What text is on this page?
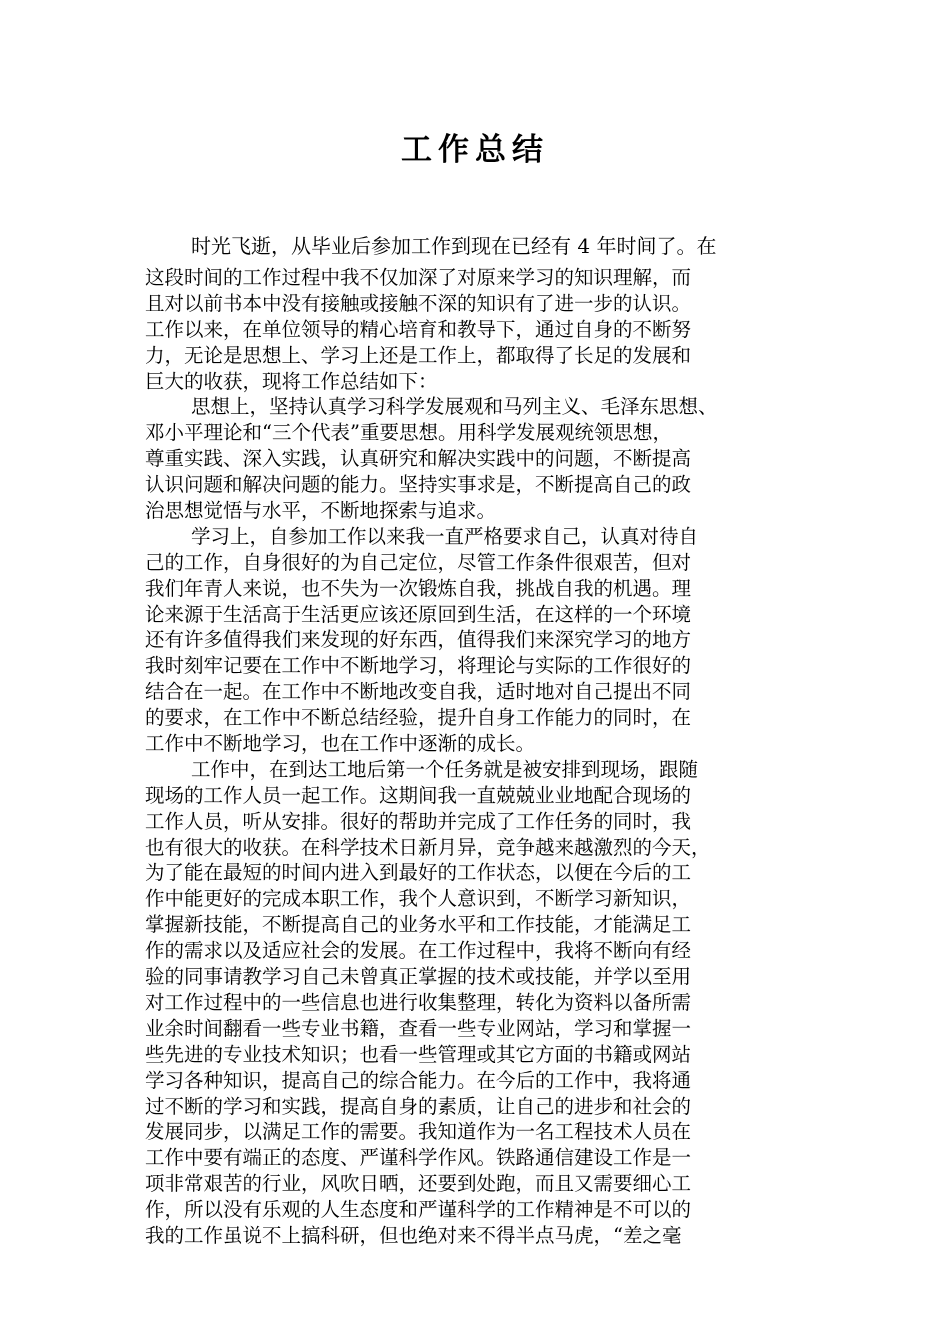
工作总结
时光飞逝，从毕业后参加工作到现在已经有 4 年时间了。在
这段时间的工作过程中我不仅加深了对原来学习的知识理解，而
且对以前书本中没有接触或接触不深的知识有了进一步的认识。
工作以来，在单位领导的精心培育和教导下，通过自身的不断努
力，无论是思想上、学习上还是工作上，都取得了长足的发展和
巨大的收获，现将工作总结如下：
思想上，坚持认真学习科学发展观和马列主义、毛泽东思想、
邓小平理论和“三个代表”重要思想。用科学发展观统领思想，
尊重实践、深入实践，认真研究和解决实践中的问题，不断提高
认识问题和解决问题的能力。坚持实事求是，不断提高自己的政
治思想觉悟与水平，不断地探索与追求。
学习上，自参加工作以来我一直严格要求自己，认真对待自
己的工作，自身很好的为自己定位，尽管工作条件很艰苦，但对
我们年青人来说，也不失为一次锻炼自我，挑战自我的机遇。理
论来源于生活高于生活更应该还原回到生活，在这样的一个环境
还有许多值得我们来发现的好东西，值得我们来深究学习的地方
我时刻牢记要在工作中不断地学习，将理论与实际的工作很好的
结合在一起。在工作中不断地改变自我，适时地对自己提出不同
的要求，在工作中不断总结经验，提升自身工作能力的同时，在
工作中不断地学习，也在工作中逐渐的成长。
工作中，在到达工地后第一个任务就是被安排到现场，跟随
现场的工作人员一起工作。这期间我一直兢兢业业地配合现场的
工作人员，听从安排。很好的帮助并完成了工作任务的同时，我
也有很大的收获。在科学技术日新月异，竞争越来越激烈的今天，
为了能在最短的时间内进入到最好的工作状态，以便在今后的工
作中能更好的完成本职工作，我个人意识到，不断学习新知识，
掌握新技能，不断提高自己的业务水平和工作技能，才能满足工
作的需求以及适应社会的发展。在工作过程中，我将不断向有经
验的同事请教学习自己未曾真正掌握的技术或技能，并学以至用
对工作过程中的一些信息也进行收集整理，转化为资料以备所需
业余时间翻看一些专业书籍，查看一些专业网站，学习和掌握一
些先进的专业技术知识；也看一些管理或其它方面的书籍或网站
学习各种知识，提高自己的综合能力。在今后的工作中，我将通
过不断的学习和实践，提高自身的素质，让自己的进步和社会的
发展同步，以满足工作的需要。我知道作为一名工程技术人员在
工作中要有端正的态度、严谨科学作风。铁路通信建设工作是一
项非常艰苦的行业，风吹日晒，还要到处跑，而且又需要细心工
作，所以没有乐观的人生态度和严谨科学的工作精神是不可以的
我的工作虽说不上搞科研，但也绝对来不得半点马虎，“差之毫
